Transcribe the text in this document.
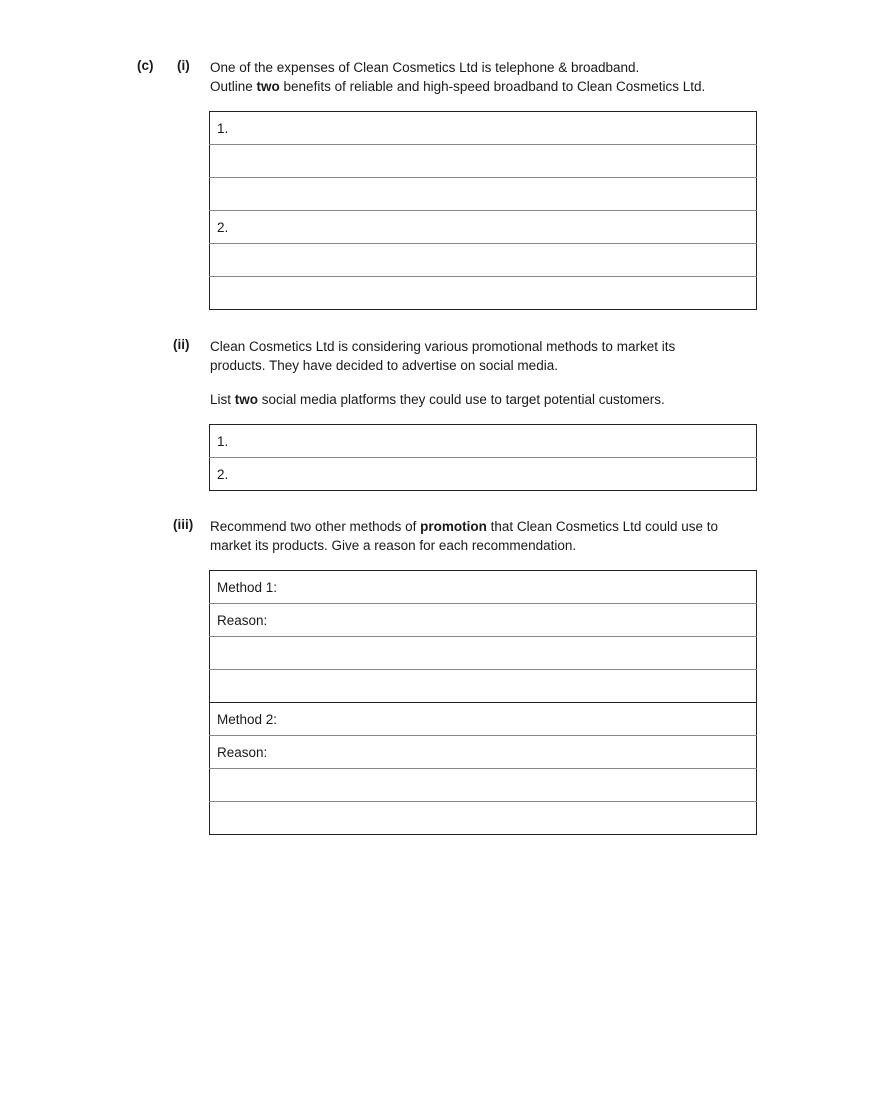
(c) (i) One of the expenses of Clean Cosmetics Ltd is telephone & broadband.
Outline two benefits of reliable and high-speed broadband to Clean Cosmetics Ltd.
1.

2.

(ii) Clean Cosmetics Ltd is considering various promotional methods to market its
products. They have decided to advertise on social media.
List two social media platforms they could use to target potential customers.
1.
2.
(iii) Recommend two other methods of promotion that Clean Cosmetics Ltd could use to
market its products. Give a reason for each recommendation.
Method 1:
Reason:

Method 2:
Reason:
